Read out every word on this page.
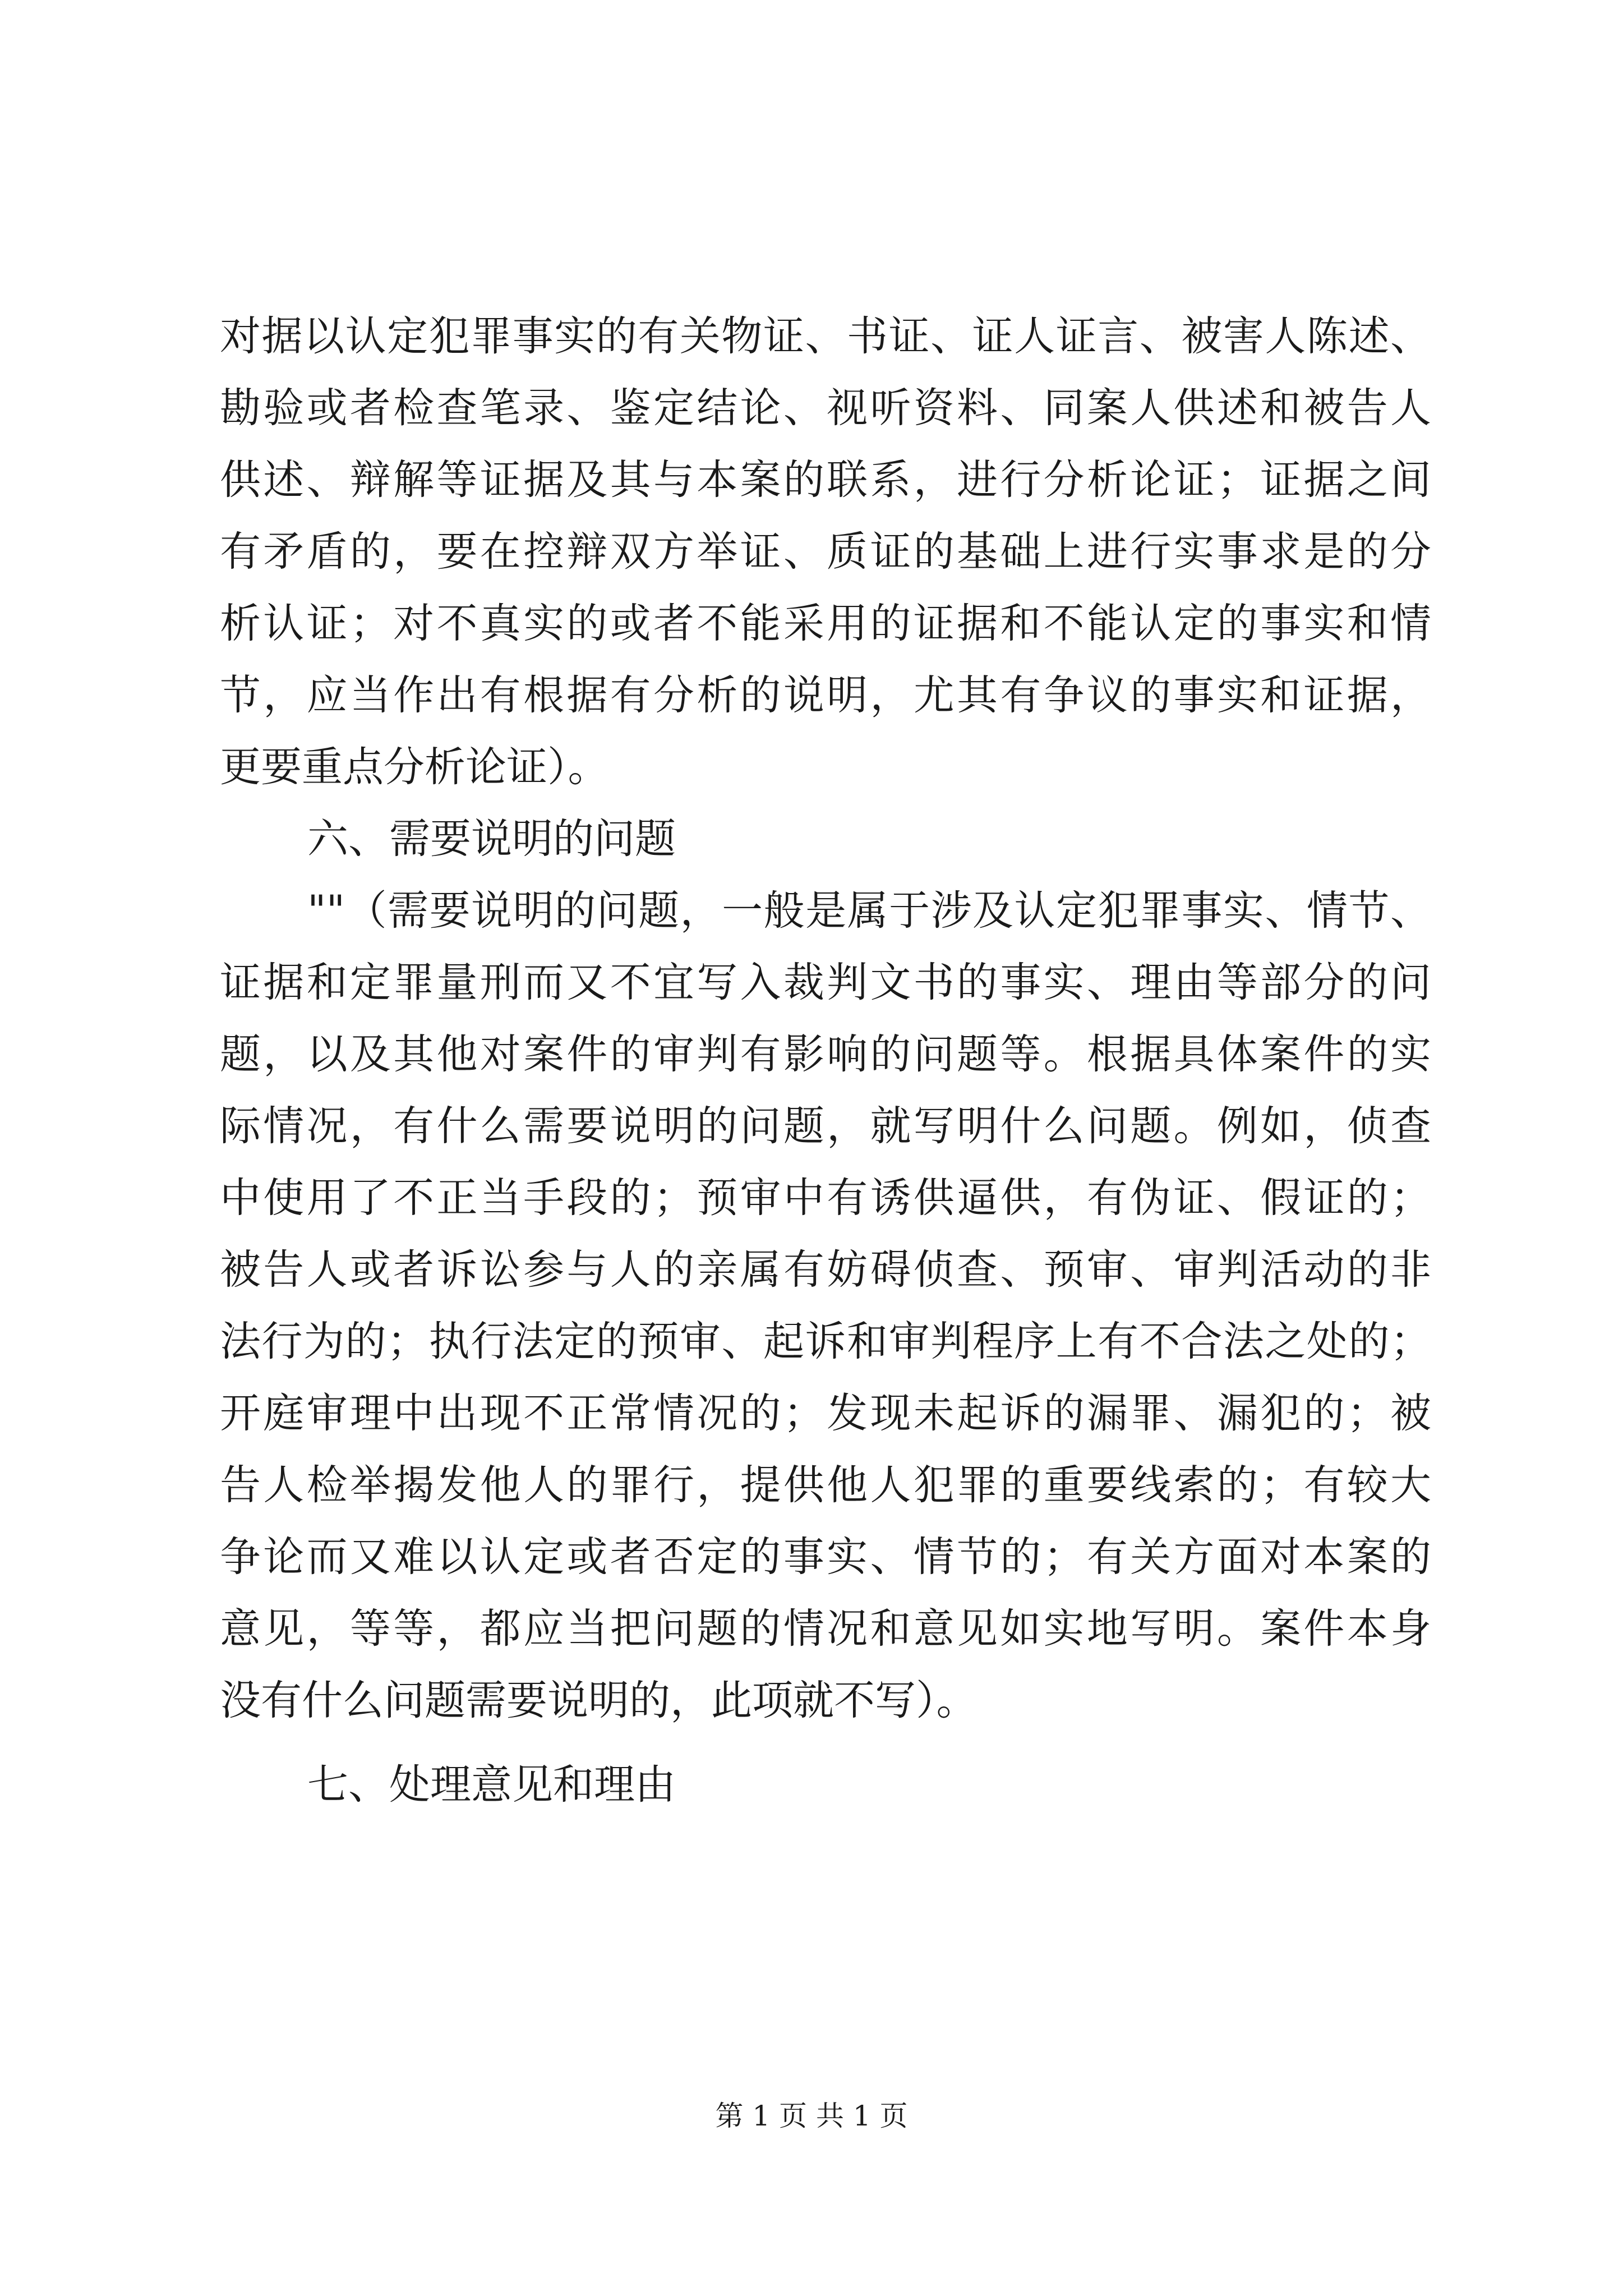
对据以认定犯罪事实的有关物证、书证、证人证言、被害人陈述、
勘验或者检查笔录、鉴定结论、视听资料、同案人供述和被告人
供述、辩解等证据及其与本案的联系，进行分析论证；证据之间
有矛盾的，要在控辩双方举证、质证的基础上进行实事求是的分
析认证；对不真实的或者不能采用的证据和不能认定的事实和情
节，应当作出有根据有分析的说明，尤其有争议的事实和证据，
更要重点分析论证）。
六、需要说明的问题
""（需要说明的问题，一般是属于涉及认定犯罪事实、情节、
证据和定罪量刑而又不宜写入裁判文书的事实、理由等部分的问
题，以及其他对案件的审判有影响的问题等。根据具体案件的实
际情况，有什么需要说明的问题，就写明什么问题。例如，侦查
中使用了不正当手段的；预审中有诱供逼供，有伪证、假证的；
被告人或者诉讼参与人的亲属有妨碍侦查、预审、审判活动的非
法行为的；执行法定的预审、起诉和审判程序上有不合法之处的；
开庭审理中出现不正常情况的；发现未起诉的漏罪、漏犯的；被
告人检举揭发他人的罪行，提供他人犯罪的重要线索的；有较大
争论而又难以认定或者否定的事实、情节的；有关方面对本案的
意见，等等，都应当把问题的情况和意见如实地写明。案件本身
没有什么问题需要说明的，此项就不写）。
七、处理意见和理由
第 1 页 共 1 页
